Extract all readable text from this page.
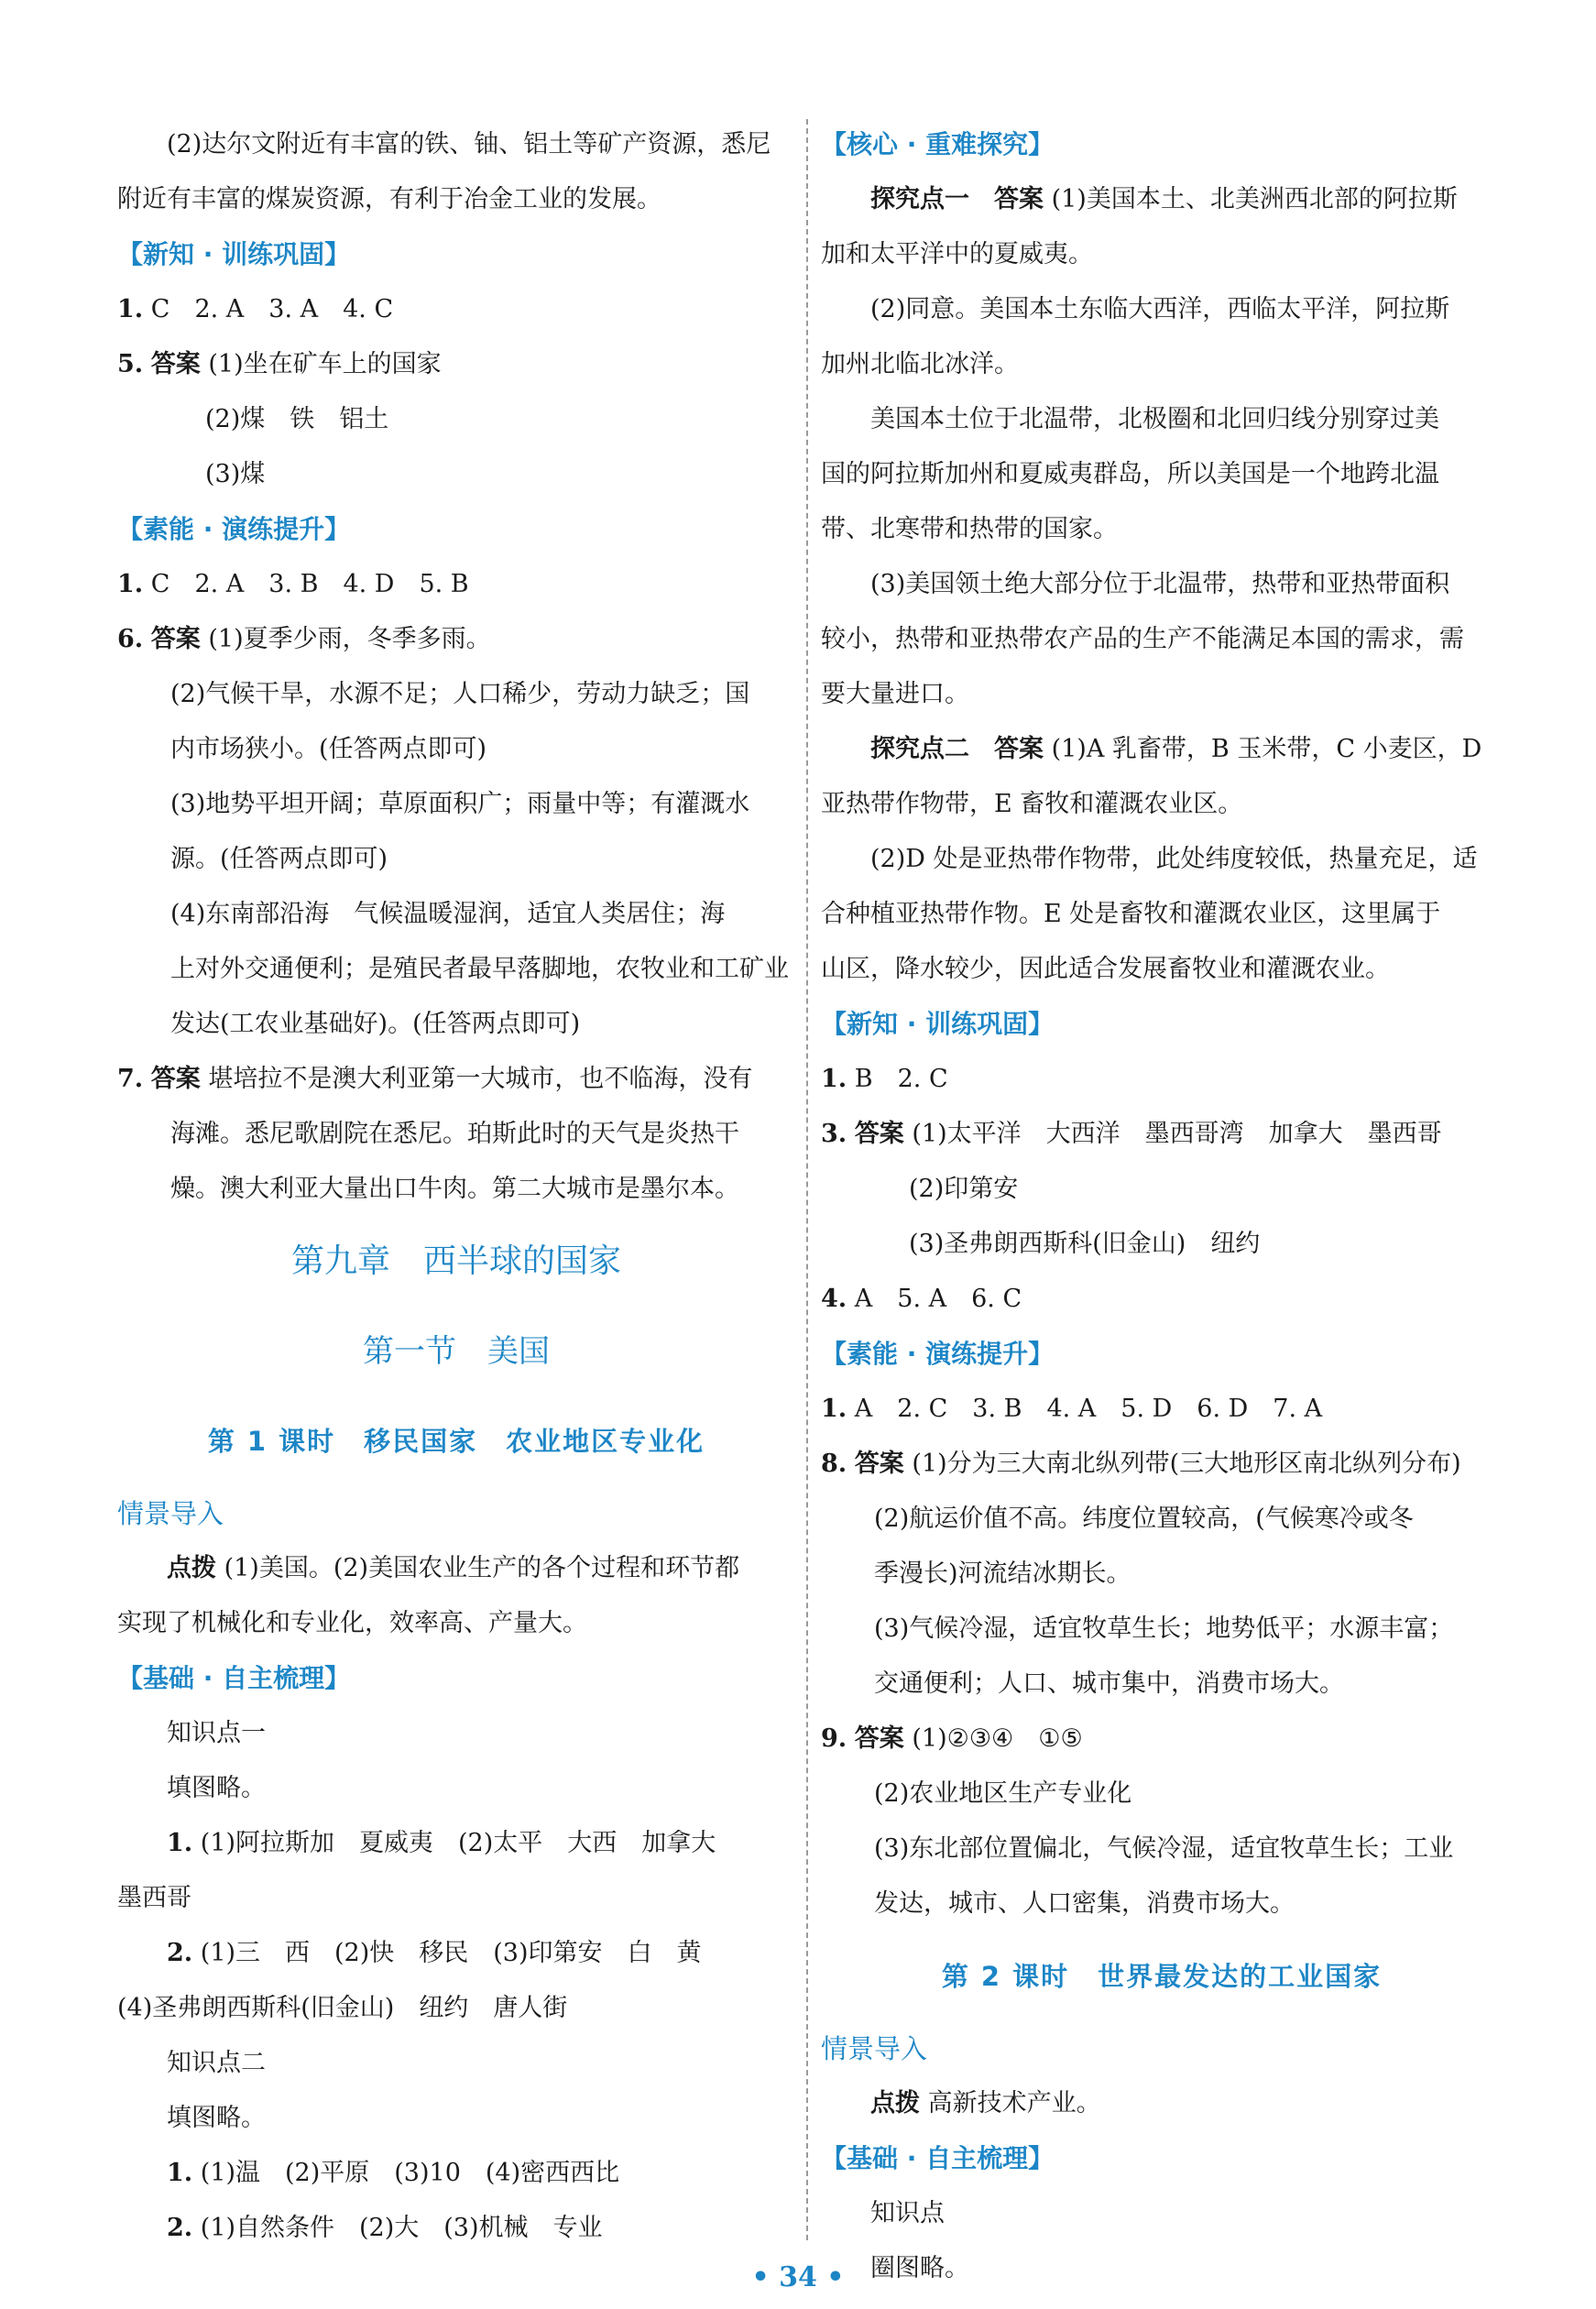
(2)达尔文附近有丰富的铁、铀、铝土等矿产资源，悉尼
附近有丰富的煤炭资源，有利于冶金工业的发展。
【新知 · 训练巩固】
1. C　2. A　3. A　4. C
5. 答案 (1)坐在矿车上的国家
(2)煤　铁　铝土
(3)煤
【素能 · 演练提升】
1. C　2. A　3. B　4. D　5. B
6. 答案 (1)夏季少雨，冬季多雨。
(2)气候干旱，水源不足；人口稀少，劳动力缺乏；国
内市场狭小。(任答两点即可)
(3)地势平坦开阔；草原面积广；雨量中等；有灌溉水
源。(任答两点即可)
(4)东南部沿海　气候温暖湿润，适宜人类居住；海
上对外交通便利；是殖民者最早落脚地，农牧业和工矿业
发达(工农业基础好)。(任答两点即可)
7. 答案 堪培拉不是澳大利亚第一大城市，也不临海，没有
海滩。悉尼歌剧院在悉尼。珀斯此时的天气是炎热干
燥。澳大利亚大量出口牛肉。第二大城市是墨尔本。
第九章　西半球的国家
第一节　美国
第 1 课时　移民国家　农业地区专业化
情景导入
点拨 (1)美国。(2)美国农业生产的各个过程和环节都
实现了机械化和专业化，效率高、产量大。
【基础 · 自主梳理】
知识点一
填图略。
1. (1)阿拉斯加　夏威夷　(2)太平　大西　加拿大
墨西哥
2. (1)三　西　(2)快　移民　(3)印第安　白　黄
(4)圣弗朗西斯科(旧金山)　纽约　唐人街
知识点二
填图略。
1. (1)温　(2)平原　(3)10　(4)密西西比
2. (1)自然条件　(2)大　(3)机械　专业
【核心 · 重难探究】
探究点一　答案 (1)美国本土、北美洲西北部的阿拉斯
加和太平洋中的夏威夷。
(2)同意。美国本土东临大西洋，西临太平洋，阿拉斯
加州北临北冰洋。
美国本土位于北温带，北极圈和北回归线分别穿过美
国的阿拉斯加州和夏威夷群岛，所以美国是一个地跨北温
带、北寒带和热带的国家。
(3)美国领土绝大部分位于北温带，热带和亚热带面积
较小，热带和亚热带农产品的生产不能满足本国的需求，需
要大量进口。
探究点二　答案 (1)A 乳畜带，B 玉米带，C 小麦区，D
亚热带作物带，E 畜牧和灌溉农业区。
(2)D 处是亚热带作物带，此处纬度较低，热量充足，适
合种植亚热带作物。E 处是畜牧和灌溉农业区，这里属于
山区，降水较少，因此适合发展畜牧业和灌溉农业。
【新知 · 训练巩固】
1. B　2. C
3. 答案 (1)太平洋　大西洋　墨西哥湾　加拿大　墨西哥
(2)印第安
(3)圣弗朗西斯科(旧金山)　纽约
4. A　5. A　6. C
【素能 · 演练提升】
1. A　2. C　3. B　4. A　5. D　6. D　7. A
8. 答案 (1)分为三大南北纵列带(三大地形区南北纵列分布)
(2)航运价值不高。纬度位置较高，(气候寒冷或冬
季漫长)河流结冰期长。
(3)气候冷湿，适宜牧草生长；地势低平；水源丰富；
交通便利；人口、城市集中，消费市场大。
9. 答案 (1)②③④　①⑤
(2)农业地区生产专业化
(3)东北部位置偏北，气候冷湿，适宜牧草生长；工业
发达，城市、人口密集，消费市场大。
第 2 课时　世界最发达的工业国家
情景导入
点拨 高新技术产业。
【基础 · 自主梳理】
知识点
圈图略。
• 34 •
